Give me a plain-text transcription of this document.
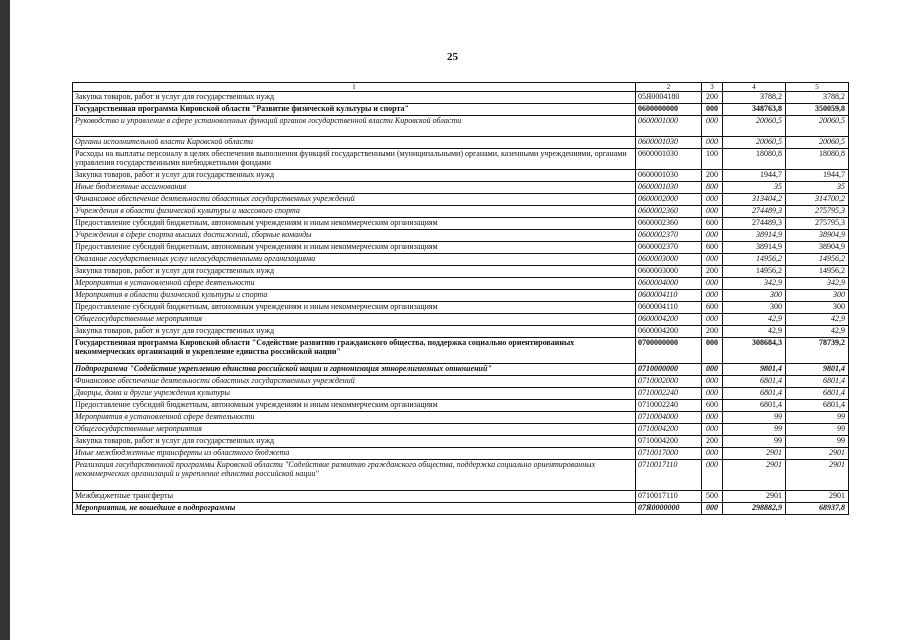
25
1	2	3	4	5
Закупка товаров, работ и услуг для государственных нужд	05Я0004180	200	3788,2	3788,2
Государственная программа Кировской области "Развитие физической культуры и спорта"	0600000000	000	348763,8	350059,8
Руководство и управление в сфере установленных функций органов государственной власти Кировской области	0600001000	000	20060,5	20060,5
Органы исполнительной власти Кировской области	0600001030	000	20060,5	20060,5
Расходы на выплаты персоналу в целях обеспечения выполнения функций государственными (муниципальными) органами, казенными учреждениями, органами управления государственными внебюджетными фондами	0600001030	100	18080,8	18080,8
Закупка товаров, работ и услуг для государственных нужд	0600001030	200	1944,7	1944,7
Иные бюджетные ассигнования	0600001030	800	35	35
Финансовое обеспечение деятельности областных государственных учреждений	0600002000	000	313404,2	314700,2
Учреждения в области физической культуры и массового спорта	0600002360	000	274489,3	275795,3
Предоставление субсидий бюджетным, автономным учреждениям и иным некоммерческим организациям	0600002360	600	274489,3	275795,3
Учреждения в сфере спорта высших достижений, сборные команды	0600002370	000	38914,9	38904,9
Предоставление субсидий бюджетным, автономным учреждениям и иным некоммерческим организациям	0600002370	600	38914,9	38904,9
Оказание государственных услуг негосударственными организациями	0600003000	000	14956,2	14956,2
Закупка товаров, работ и услуг для государственных нужд	0600003000	200	14956,2	14956,2
Мероприятия в установленной сфере деятельности	0600004000	000	342,9	342,9
Мероприятия в области физической культуры и спорта	0600004110	000	300	300
Предоставление субсидий бюджетным, автономным учреждениям и иным некоммерческим организациям	0600004110	600	300	300
Общегосударственные мероприятия	0600004200	000	42,9	42,9
Закупка товаров, работ и услуг для государственных нужд	0600004200	200	42,9	42,9
Государственная программа Кировской области "Содействие развитию гражданского общества, поддержка социально ориентированных некоммерческих организаций и укрепление единства российской нации"	0700000000	000	308684,3	78739,2
Подпрограмма "Содействие укреплению единства российской нации и гармонизация этнорелигиозных отношений"	0710000000	000	9801,4	9801,4
Финансовое обеспечение деятельности областных государственных учреждений	0710002000	000	6801,4	6801,4
Дворцы, дома и другие учреждения культуры	0710002240	000	6801,4	6801,4
Предоставление субсидий бюджетным, автономным учреждениям и иным некоммерческим организациям	0710002240	600	6801,4	6801,4
Мероприятия в установленной сфере деятельности	0710004000	000	99	99
Общегосударственные мероприятия	0710004200	000	99	99
Закупка товаров, работ и услуг для государственных нужд	0710004200	200	99	99
Иные межбюджетные трансферты из областного бюджета	0710017000	000	2901	2901
Реализация государственной программы Кировской области "Содействие развитию гражданского общества, поддержка социально ориентированных некоммерческих организаций и укрепление единства российской нации"	0710017110	000	2901	2901
Межбюджетные трансферты	0710017110	500	2901	2901
Мероприятия, не вошедшие в подпрограммы	07Я0000000	000	298882,9	68937,8
